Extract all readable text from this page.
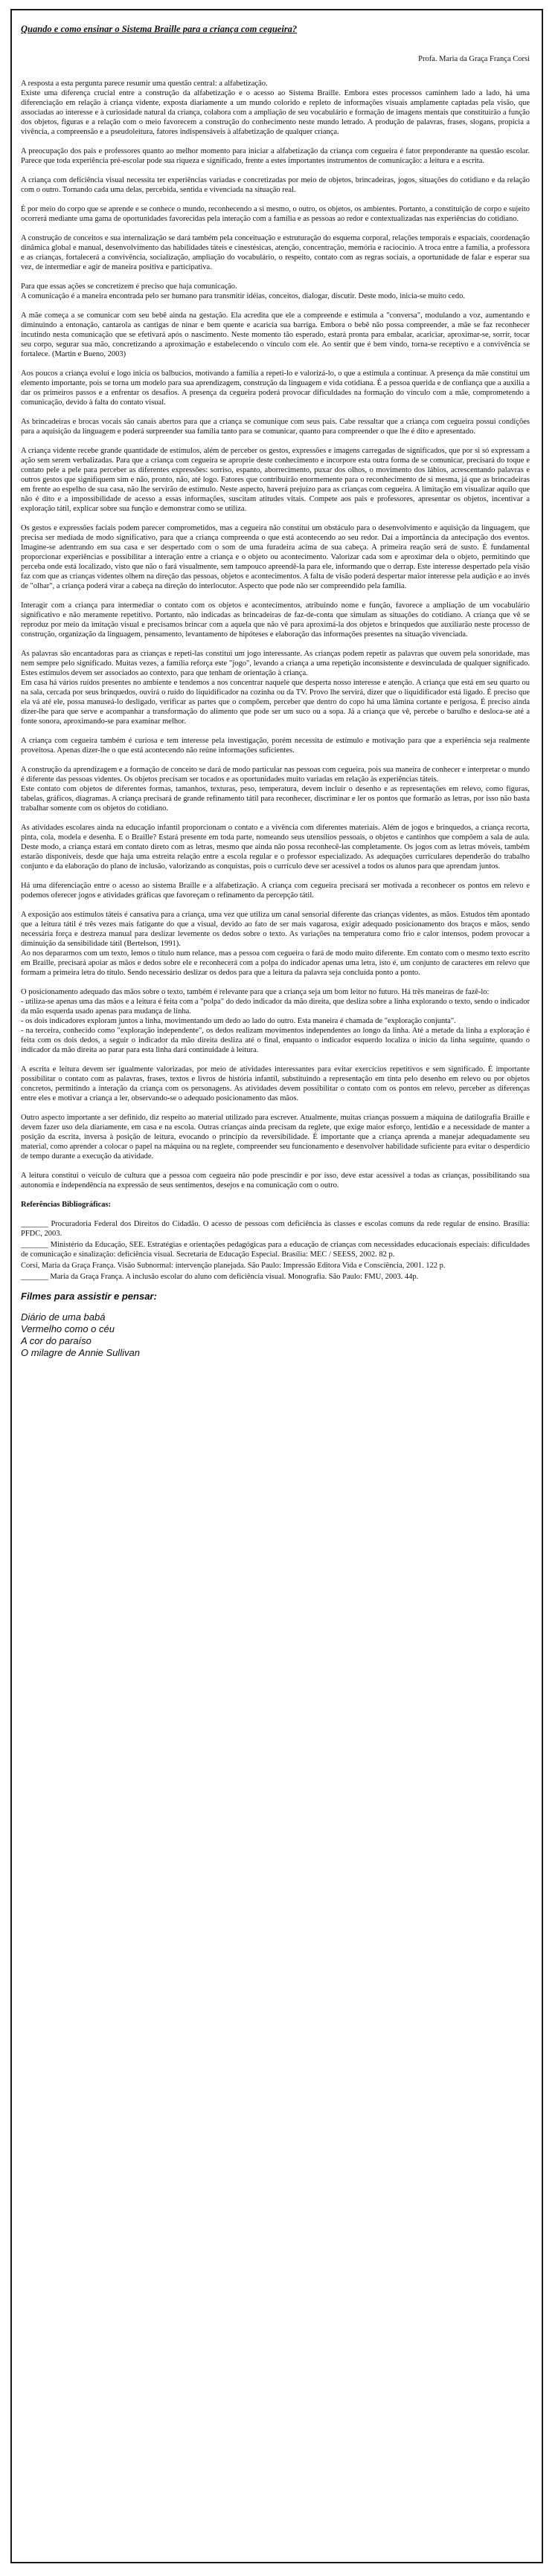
Quando e como ensinar o Sistema Braille para a criança com cegueira?
Profa. Maria da Graça França Corsi

A resposta a esta pergunta parece resumir uma questão central: a alfabetização.
Existe uma diferença crucial entre a construção da alfabetização e o acesso ao Sistema Braille. Embora estes processos caminhem lado a lado, há uma diferenciação em relação à criança vidente, exposta diariamente a um mundo colorido e repleto de informações visuais amplamente captadas pela visão, que associadas ao interesse e à curiosidade natural da criança, colabora com a ampliação de seu vocabulário e formação de imagens mentais que constituirão a função dos objetos, figuras e a relação com o meio favorecem a construção do conhecimento neste mundo letrado. A produção de palavras, frases, slogans, propicia a vivência, a compreensão e a pseudoleitura, fatores indispensáveis à alfabetização de qualquer criança.

A preocupação dos pais e professores quanto ao melhor momento para iniciar a alfabetização da criança com cegueira é fator preponderante na questão escolar. Parece que toda experiência pré-escolar pode sua riqueza e significado, frente a estes importantes instrumentos de comunicação: a leitura e a escrita.

A criança com deficiência visual necessita ter experiências variadas e concretizadas por meio de objetos, brincadeiras, jogos, situações do cotidiano e da relação com o outro. Tornando cada uma delas, percebida, sentida e vivenciada na situação real.

É por meio do corpo que se aprende e se conhece o mundo, reconhecendo a si mesmo, o outro, os objetos, os ambientes. Portanto, a constituição de corpo e sujeito ocorrerá mediante uma gama de oportunidades favorecidas pela interação com a família e as pessoas ao redor e contextualizadas nas experiências do cotidiano.

A construção de conceitos e sua internalização se dará também pela conceituação e estruturação do esquema corporal, relações temporais e espaciais, coordenação dinâmica global e manual, desenvolvimento das habilidades táteis e cinestésicas, atenção, concentração, memória e raciocínio. A troca entre a família, a professora e as crianças, fortalecerá a convivência, socialização, ampliação do vocabulário, o respeito, contato com as regras sociais, a oportunidade de falar e esperar sua vez, de intermediar e agir de maneira positiva e participativa.

Para que essas ações se concretizem é preciso que haja comunicação.
A comunicação é a maneira encontrada pelo ser humano para transmitir idéias, conceitos, dialogar, discutir. Deste modo, inicia-se muito cedo.

A mãe começa a se comunicar com seu bebê ainda na gestação. Ela acredita que ele a compreende e estimula a "conversa", modulando a voz, aumentando e diminuindo a entonação, cantarola as cantigas de ninar e bem quente e acaricia sua barriga. Embora o bebê não possa compreender, a mãe se faz reconhecer incutindo nesta comunicação que se efetivará após o nascimento. Neste momento tão esperado, estará pronta para embalar, acariciar, aproximar-se, sorrir, tocar seu corpo, segurar sua mão, concretizando a aproximação e estabelecendo o vínculo com ele. Ao sentir que é bem vindo, torna-se receptivo e a convivência se fortalece. (Martin e Bueno, 2003)

Aos poucos a criança evolui e logo inicia os balbucios, motivando a família a repeti-lo e valorizá-lo, o que a estimula a continuar. A presença da mãe constitui um elemento importante, pois se torna um modelo para sua aprendizagem, construção da linguagem e vida cotidiana. É a pessoa querida e de confiança que a auxilia a dar os primeiros passos e a enfrentar os desafios. A presença da cegueira poderá provocar dificuldades na formação do vínculo com a mãe, comprometendo a comunicação, devido à falta do contato visual.

As brincadeiras e brocas vocais são canais abertos para que a criança se comunique com seus pais. Cabe ressaltar que a criança com cegueira possui condições para a aquisição da linguagem e poderá surpreender sua família tanto para se comunicar, quanto para compreender o que lhe é dito e apresentado.

A criança vidente recebe grande quantidade de estímulos, além de perceber os gestos, expressões e imagens carregadas de significados, que por si só expressam a ação sem serem verbalizadas. Para que a criança com cegueira se aproprie deste conhecimento e incorpore esta outra forma de se comunicar, precisará do toque e contato pele a pele para perceber as diferentes expressões: sorriso, espanto, aborrecimento, puxar dos olhos, o movimento dos lábios, acrescentando palavras e outros gestos que signifiquem sim e não, pronto, não, até logo. Fatores que contribuirão enormemente para o reconhecimento de si mesma, já que as brincadeiras em frente ao espelho de sua casa, não lhe servirão de estímulo. Neste aspecto, haverá prejuízo para as crianças com cegueira. A limitação em visualizar aquilo que não é dito e a impossibilidade de acesso a essas informações, suscitam atitudes vitais. Compete aos pais e professores, apresentar os objetos, incentivar a exploração tátil, explicar sobre sua função e demonstrar como se utiliza.

Os gestos e expressões faciais podem parecer comprometidos, mas a cegueira não constitui um obstáculo para o desenvolvimento e aquisição da linguagem, que precisa ser mediada de modo significativo, para que a criança compreenda o que está acontecendo ao seu redor. Daí a importância da antecipação dos eventos. Imagine-se adentrando em sua casa e ser despertado com o som de uma furadeira acima de sua cabeça. A primeira reação será de susto. É fundamental proporcionar experiências e possibilitar a interação entre a criança e o objeto ou acontecimento. Valorizar cada som e aproximar dela o objeto, permitindo que perceba onde está localizado, visto que não o fará visualmente, sem tampouco apreendê-la para ele, informando que o derrap. Este interesse despertado pela visão faz com que as crianças videntes olhem na direção das pessoas, objetos e acontecimentos. A falta de visão poderá despertar maior interesse pela audição e ao invés de "olhar", a criança poderá virar a cabeça na direção do interlocutor. Aspecto que pode não ser compreendido pela família.

Interagir com a criança para intermediar o contato com os objetos e acontecimentos, atribuindo nome e função, favorece a ampliação de um vocabulário significativo e não meramente repetitivo. Portanto, não indicadas as brincadeiras de faz-de-conta que simulam as situações do cotidiano. A criança que vê se reproduz por meio da imitação visual e precisamos brincar com a aquela que não vê para aproximá-la dos objetos e brinquedos que auxiliarão neste processo de construção, organização da linguagem, pensamento, levantamento de hipóteses e elaboração das informações presentes na situação vivenciada.

As palavras são encantadoras para as crianças e repeti-las constitui um jogo interessante. As crianças podem repetir as palavras que ouvem pela sonoridade, mas nem sempre pelo significado. Muitas vezes, a família reforça este "jogo", levando a criança a uma repetição inconsistente e desvinculada de qualquer significado. Estes estímulos devem ser associados ao contexto, para que tenham de orientação à criança.
Em casa há vários ruídos presentes no ambiente e tendemos a nos concentrar naquele que desperta nosso interesse e atenção. A criança que está em seu quarto ou na sala, cercada por seus brinquedos, ouvirá o ruído do liquidificador na cozinha ou da TV. Provo lhe servirá, dizer que o liquidificador está ligado. É preciso que ela vá até ele, possa manuseá-lo desligado, verificar as partes que o compõem, perceber que dentro do copo há uma lâmina cortante e perigosa. É preciso ainda dizer-lhe para que serve e acompanhar a transformação do alimento que pode ser um suco ou a sopa. Já a criança que vê, percebe o barulho e desloca-se até a fonte sonora, aproximando-se para examinar melhor.

A criança com cegueira também é curiosa e tem interesse pela investigação, porém necessita de estímulo e motivação para que a experiência seja realmente proveitosa. Apenas dizer-lhe o que está acontecendo não reúne informações suficientes.

A construção da aprendizagem e a formação de conceito se dará de modo particular nas pessoas com cegueira, pois sua maneira de conhecer e interpretar o mundo é diferente das pessoas videntes. Os objetos precisam ser tocados e as oportunidades muito variadas em relação às experiências táteis.
Este contato com objetos de diferentes formas, tamanhos, texturas, peso, temperatura, devem incluir o desenho e as representações em relevo, como figuras, tabelas, gráficos, diagramas. A criança precisará de grande refinamento tátil para reconhecer, discriminar e ler os pontos que formarão as letras, por isso não basta trabalhar somente com os objetos do cotidiano.

As atividades escolares ainda na educação infantil proporcionam o contato e a vivência com diferentes materiais. Além de jogos e brinquedos, a criança recorta, pinta, cola, modela e desenha. E o Braille? Estará presente em toda parte, nomeando seus utensílios pessoais, o objetos e cantinhos que compõem a sala de aula. Deste modo, a criança estará em contato direto com as letras, mesmo que ainda não possa reconhecê-las completamente. Os jogos com as letras móveis, também estarão disponíveis, desde que haja uma estreita relação entre a escola regular e o professor especializado. As adequações curriculares dependerão do trabalho conjunto e da elaboração do plano de inclusão, valorizando as conquistas, pois o currículo deve ser acessível a todos os alunos para que aprendam juntos.

Há uma diferenciação entre o acesso ao sistema Braille e a alfabetização. A criança com cegueira precisará ser motivada a reconhecer os pontos em relevo e podemos oferecer jogos e atividades gráficas que favoreçam o refinamento da percepção tátil.

A exposição aos estímulos táteis é cansativa para a criança, uma vez que utiliza um canal sensorial diferente das crianças videntes, as mãos. Estudos têm apontado que a leitura tátil é três vezes mais fatigante do que a visual, devido ao fato de ser mais vagarosa, exigir adequado posicionamento dos braços e mãos, sendo necessária força e destreza manual para deslizar levemente os dedos sobre o texto. As variações na temperatura como frio e calor intensos, podem provocar a diminuição da sensibilidade tátil (Bertelson, 1991).
Ao nos depararmos com um texto, lemos o título num relance, mas a pessoa com cegueira o fará de modo muito diferente. Em contato com o mesmo texto escrito em Braille, precisará apoiar as mãos e dedos sobre ele e reconhecerá com a polpa do indicador apenas uma letra, isto é, um conjunto de caracteres em relevo que formam a primeira letra do título. Sendo necessário deslizar os dedos para que a leitura da palavra seja concluída ponto a ponto.

O posicionamento adequado das mãos sobre o texto, também é relevante para que a criança seja um bom leitor no futuro. Há três maneiras de fazê-lo:
- utiliza-se apenas uma das mãos e a leitura é feita com a "polpa" do dedo indicador da mão direita, que desliza sobre a linha explorando o texto, sendo o indicador da mão esquerda usado apenas para mudança de linha.
- os dois indicadores exploram juntos a linha, movimentando um dedo ao lado do outro. Esta maneira é chamada de "exploração conjunta".
- na terceira, conhecido como "exploração independente", os dedos realizam movimentos independentes ao longo da linha. Até a metade da linha a exploração é feita com os dois dedos, a seguir o indicador da mão direita desliza até o final, enquanto o indicador esquerdo localiza o início da linha seguinte, quando o indicador da mão direita ao parar para esta linha dará continuidade à leitura.

A escrita e leitura devem ser igualmente valorizadas, por meio de atividades interessantes para evitar exercícios repetitivos e sem significado. É importante possibilitar o contato com as palavras, frases, textos e livros de história infantil, substituindo a representação em tinta pelo desenho em relevo ou por objetos concretos, permitindo a interação da criança com os personagens. As atividades devem possibilitar o contato com os pontos em relevo, perceber as diferenças entre eles e motivar a criança a ler, observando-se o adequado posicionamento das mãos.

Outro aspecto importante a ser definido, diz respeito ao material utilizado para escrever. Atualmente, muitas crianças possuem a máquina de datilografia Braille e devem fazer uso dela diariamente, em casa e na escola. Outras crianças ainda precisam da reglete, que exige maior esforço, lentidão e a necessidade de manter a posição da escrita, inversa à posição de leitura, evocando o princípio da reversibilidade. É importante que a criança aprenda a manejar adequadamente seu material, como aprender a colocar o papel na máquina ou na reglete, compreender seu funcionamento e desenvolver habilidade suficiente para evitar o desperdício de tempo durante a execução da atividade.

A leitura constitui o veículo de cultura que a pessoa com cegueira não pode prescindir e por isso, deve estar acessível a todas as crianças, possibilitando sua autonomia e independência na expressão de seus sentimentos, desejos e na comunicação com o outro.

Referências Bibliográficas:

_______ Procuradoria Federal dos Direitos do Cidadão. O acesso de pessoas com deficiência às classes e escolas comuns da rede regular de ensino. Brasília: PFDC, 2003.

_______ Ministério da Educação, SEE. Estratégias e orientações pedagógicas para a educação de crianças com necessidades educacionais especiais: dificuldades de comunicação e sinalização: deficiência visual. Secretaria de Educação Especial. Brasília: MEC / SEESS, 2002. 82 p.

Corsi, Maria da Graça França. Visão Subnormal: intervenção planejada. São Paulo: Impressão Editora Vida e Consciência, 2001. 122 p.

_______ Maria da Graça França. A inclusão escolar do aluno com deficiência visual. Monografia. São Paulo: FMU, 2003. 44p.

Filmes para assistir e pensar:

Diário de uma babá

Vermelho como o céu

A cor do paraíso

O milagre de Annie Sullivan
